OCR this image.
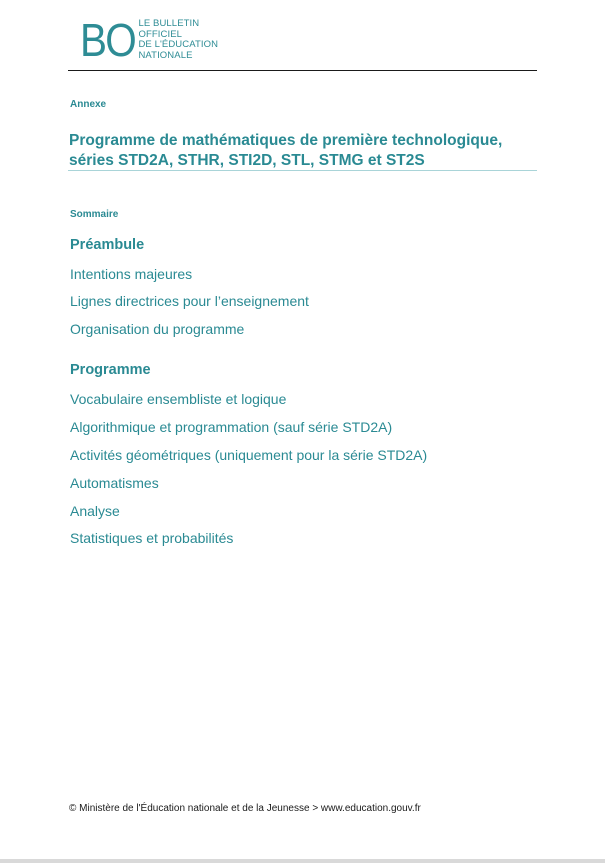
BO LE BULLETIN
OFFICIEL
DE L'ÉDUCATION
NATIONALE
Annexe
Programme de mathématiques de première technologique,
séries STD2A, STHR, STI2D, STL, STMG et ST2S
Sommaire
Préambule
Intentions majeures
Lignes directrices pour l’enseignement
Organisation du programme
Programme
Vocabulaire ensembliste et logique
Algorithmique et programmation (sauf série STD2A)
Activités géométriques (uniquement pour la série STD2A)
Automatismes
Analyse
Statistiques et probabilités
© Ministère de l'Éducation nationale et de la Jeunesse > www.education.gouv.fr
